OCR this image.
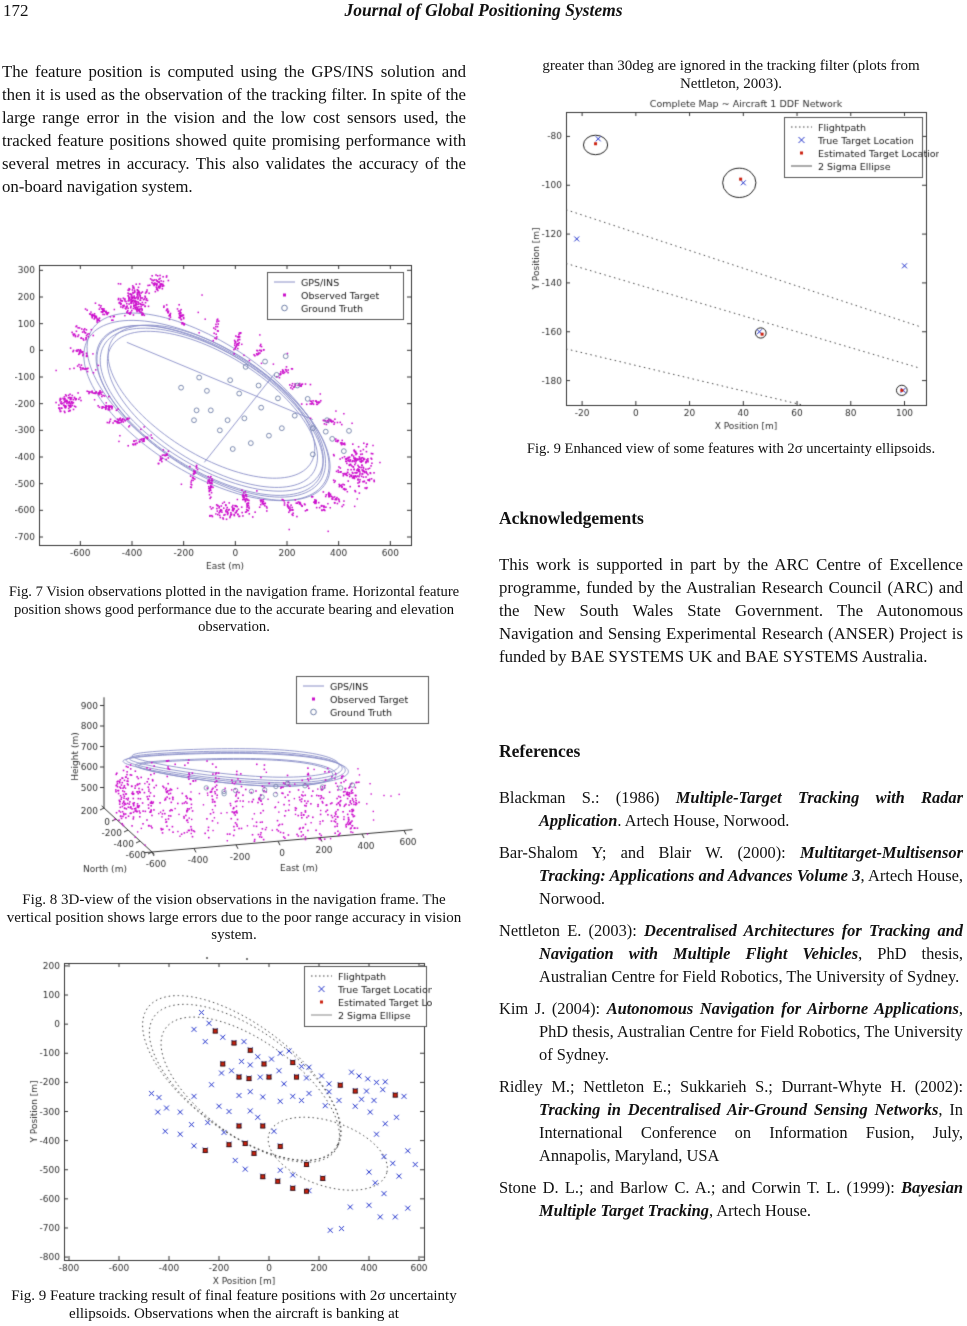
172	Journal of Global Positioning Systems
The feature position is computed using the GPS/INS solution and then it is used as the observation of the tracking filter. In spite of the large range error in the vision and the low cost sensors used, the tracked feature positions showed quite promising performance with several metres in accuracy. This also validates the accuracy of the on-board navigation system.
Fig. 7 Vision observations plotted in the navigation frame. Horizontal feature position shows good performance due to the accurate bearing and elevation observation.
Fig. 8 3D-view of the vision observations in the navigation frame. The vertical position shows large errors due to the poor range accuracy in vision system.
Fig. 9 Feature tracking result of final feature positions with 2σ uncertainty ellipsoids. Observations when the aircraft is banking at
greater than 30deg are ignored in the tracking filter (plots from
Nettleton, 2003).
Fig. 9 Enhanced view of some features with 2σ uncertainty ellipsoids.
Acknowledgements
This work is supported in part by the ARC Centre of Excellence programme, funded by the Australian Research Council (ARC) and the New South Wales State Government. The Autonomous Navigation and Sensing Experimental Research (ANSER) Project is funded by BAE SYSTEMS UK and BAE SYSTEMS Australia.
References

Blackman S.: (1986) Multiple-Target Tracking with Radar Application. Artech House, Norwood.

Bar-Shalom Y; and Blair W. (2000): Multitarget-Multisensor Tracking: Applications and Advances Volume 3, Artech House, Norwood.

Nettleton E. (2003): Decentralised Architectures for Tracking and Navigation with Multiple Flight Vehicles, PhD thesis, Australian Centre for Field Robotics, The University of Sydney.

Kim J. (2004): Autonomous Navigation for Airborne Applications, PhD thesis, Australian Centre for Field Robotics, The University of Sydney.

Ridley M.; Nettleton E.; Sukkarieh S.; Durrant-Whyte H. (2002): Tracking in Decentralised Air-Ground Sensing Networks, In International Conference on Information Fusion, July, Annapolis, Maryland, USA

Stone D. L.; and Barlow C. A.; and Corwin T. L. (1999): Bayesian Multiple Target Tracking, Artech House.
